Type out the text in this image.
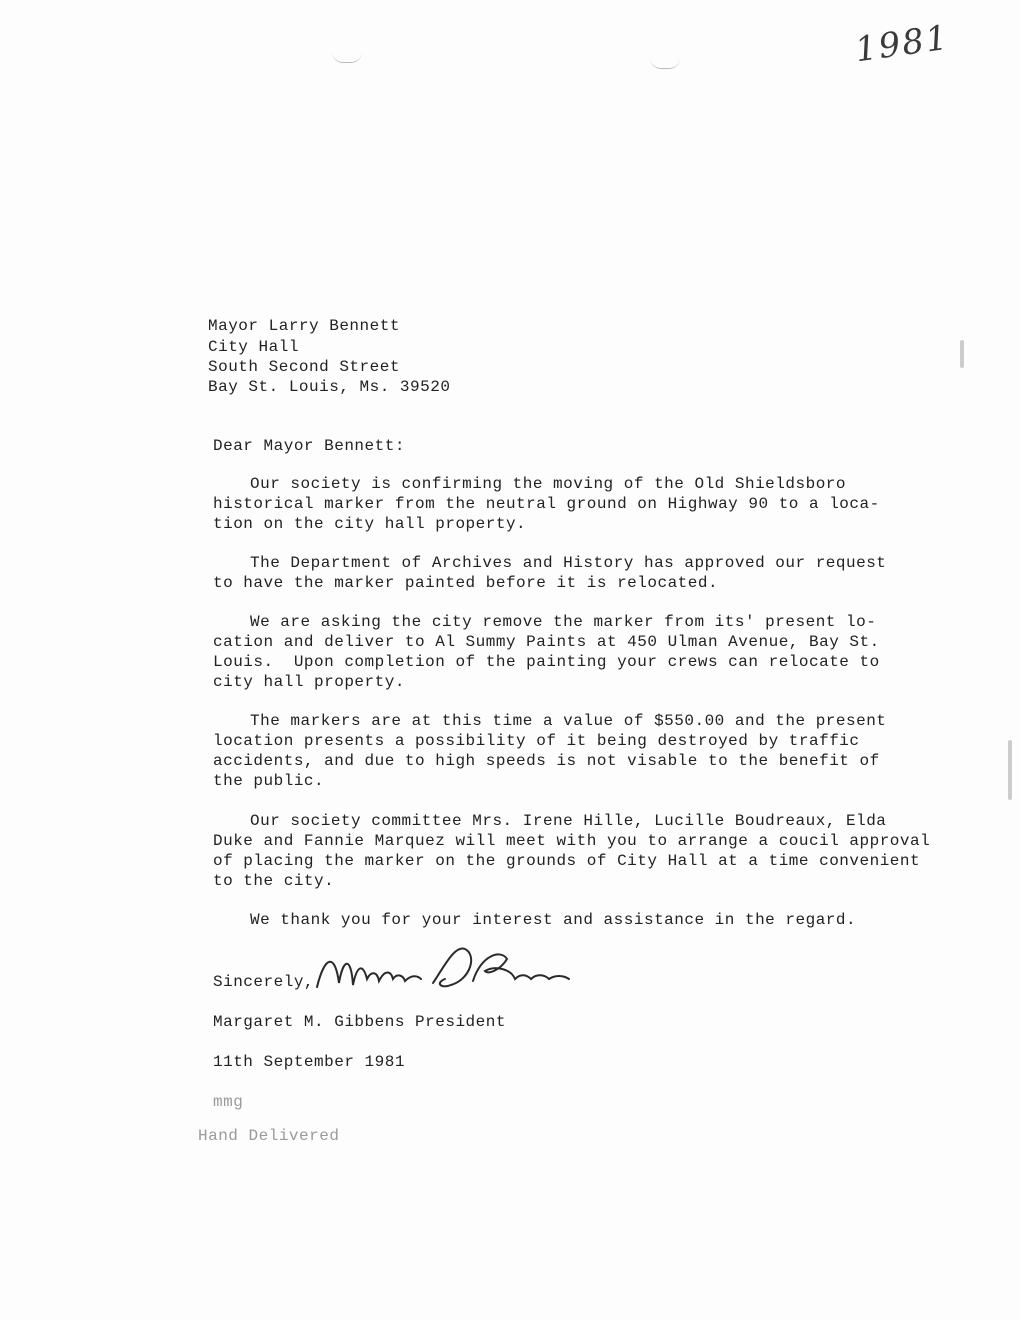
1981
Mayor Larry Bennett
City Hall
South Second Street
Bay St. Louis, Ms. 39520
Dear Mayor Bennett:
Our society is confirming the moving of the Old Shieldsboro
historical marker from the neutral ground on Highway 90 to a loca-
tion on the city hall property.
The Department of Archives and History has approved our request
to have the marker painted before it is relocated.
We are asking the city remove the marker from its' present lo-
cation and deliver to Al Summy Paints at 450 Ulman Avenue, Bay St.
Louis.  Upon completion of the painting your crews can relocate to
city hall property.
The markers are at this time a value of $550.00 and the present
location presents a possibility of it being destroyed by traffic
accidents, and due to high speeds is not visable to the benefit of
the public.
Our society committee Mrs. Irene Hille, Lucille Boudreaux, Elda
Duke and Fannie Marquez will meet with you to arrange a coucil approval
of placing the marker on the grounds of City Hall at a time convenient
to the city.
We thank you for your interest and assistance in the regard.
Sincerely,
Margaret M. Gibbens President
11th September 1981
mmg
Hand Delivered
